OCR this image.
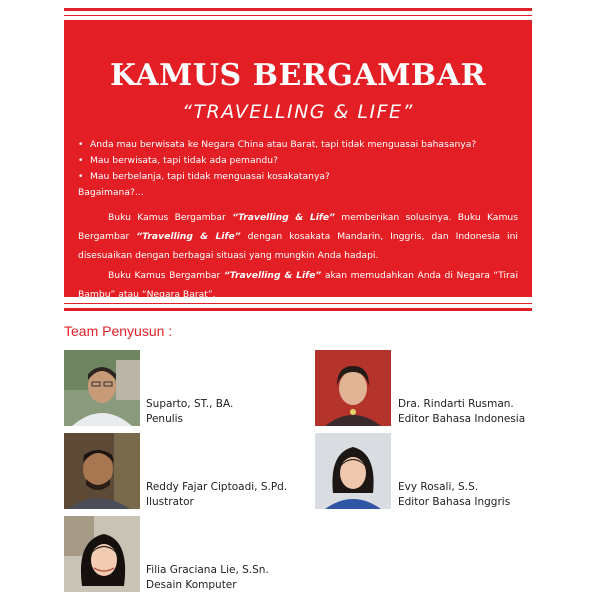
KAMUS BERGAMBAR
“TRAVELLING & LIFE”
• Anda mau berwisata ke Negara China atau Barat, tapi tidak menguasai bahasanya?
• Mau berwisata, tapi tidak ada pemandu?
• Mau berbelanja, tapi tidak menguasai kosakatanya?
Bagaimana?...
Buku Kamus Bergambar “Travelling & Life” memberikan solusinya. Buku Kamus Bergambar “Travelling & Life” dengan kosakata Mandarin, Inggris, dan Indonesia ini disesuaikan dengan berbagai situasi yang mungkin Anda hadapi.
Buku Kamus Bergambar “Travelling & Life” akan memudahkan Anda di Negara “Tirai Bambu” atau “Negara Barat”.
Team Penyusun :
Suparto, ST., BA.
Penulis
Dra. Rindarti Rusman.
Editor Bahasa Indonesia
Reddy Fajar Ciptoadi, S.Pd.
Ilustrator
Evy Rosali, S.S.
Editor Bahasa Inggris
Filia Graciana Lie, S.Sn.
Desain Komputer
